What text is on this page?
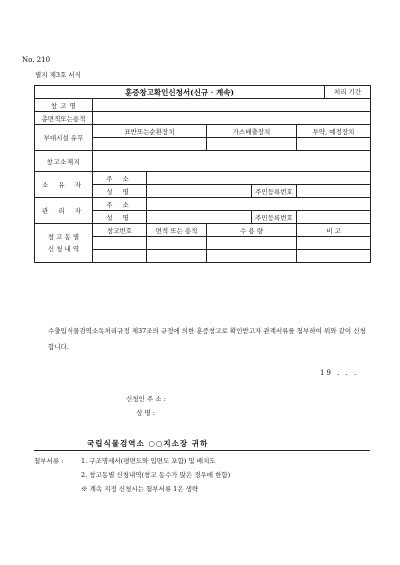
No. 210
별지 제3호 서식
훈증창고확인신청서(신규 · 계속)						처리 기간
창 고 명						
총면적또는용적						
부대시설 유무	표반또는순환장치		가스배출장치		투약, 예정장치	

창고소재지						
소 유 자	주 소					
	성 명			주민등록번호		
관 리 자	주 소					
	성 명			주민등록번호		

창 고 동 별
신 청 내 역	창고번호	면적 또는 용적	수 용 량		비 고	

수출입식물검역소독처리규정 제37조의 규정에 의한 훈증창고로 확인받고자 관계서류를 첨부하여 위와 같이 신청합니다.
19 . . .
신청인 주 소 :
성 명 :
국립식물검역소 ○○지소장 귀하
첨부서류 :	1. 구조명세서(평면도와 입면도 포함) 및 배치도
2. 창고동별 신청내역(창고 동수가 많은 경우에 한함)
※ 계속 지정 신청시는 첨부서류 1은 생략
